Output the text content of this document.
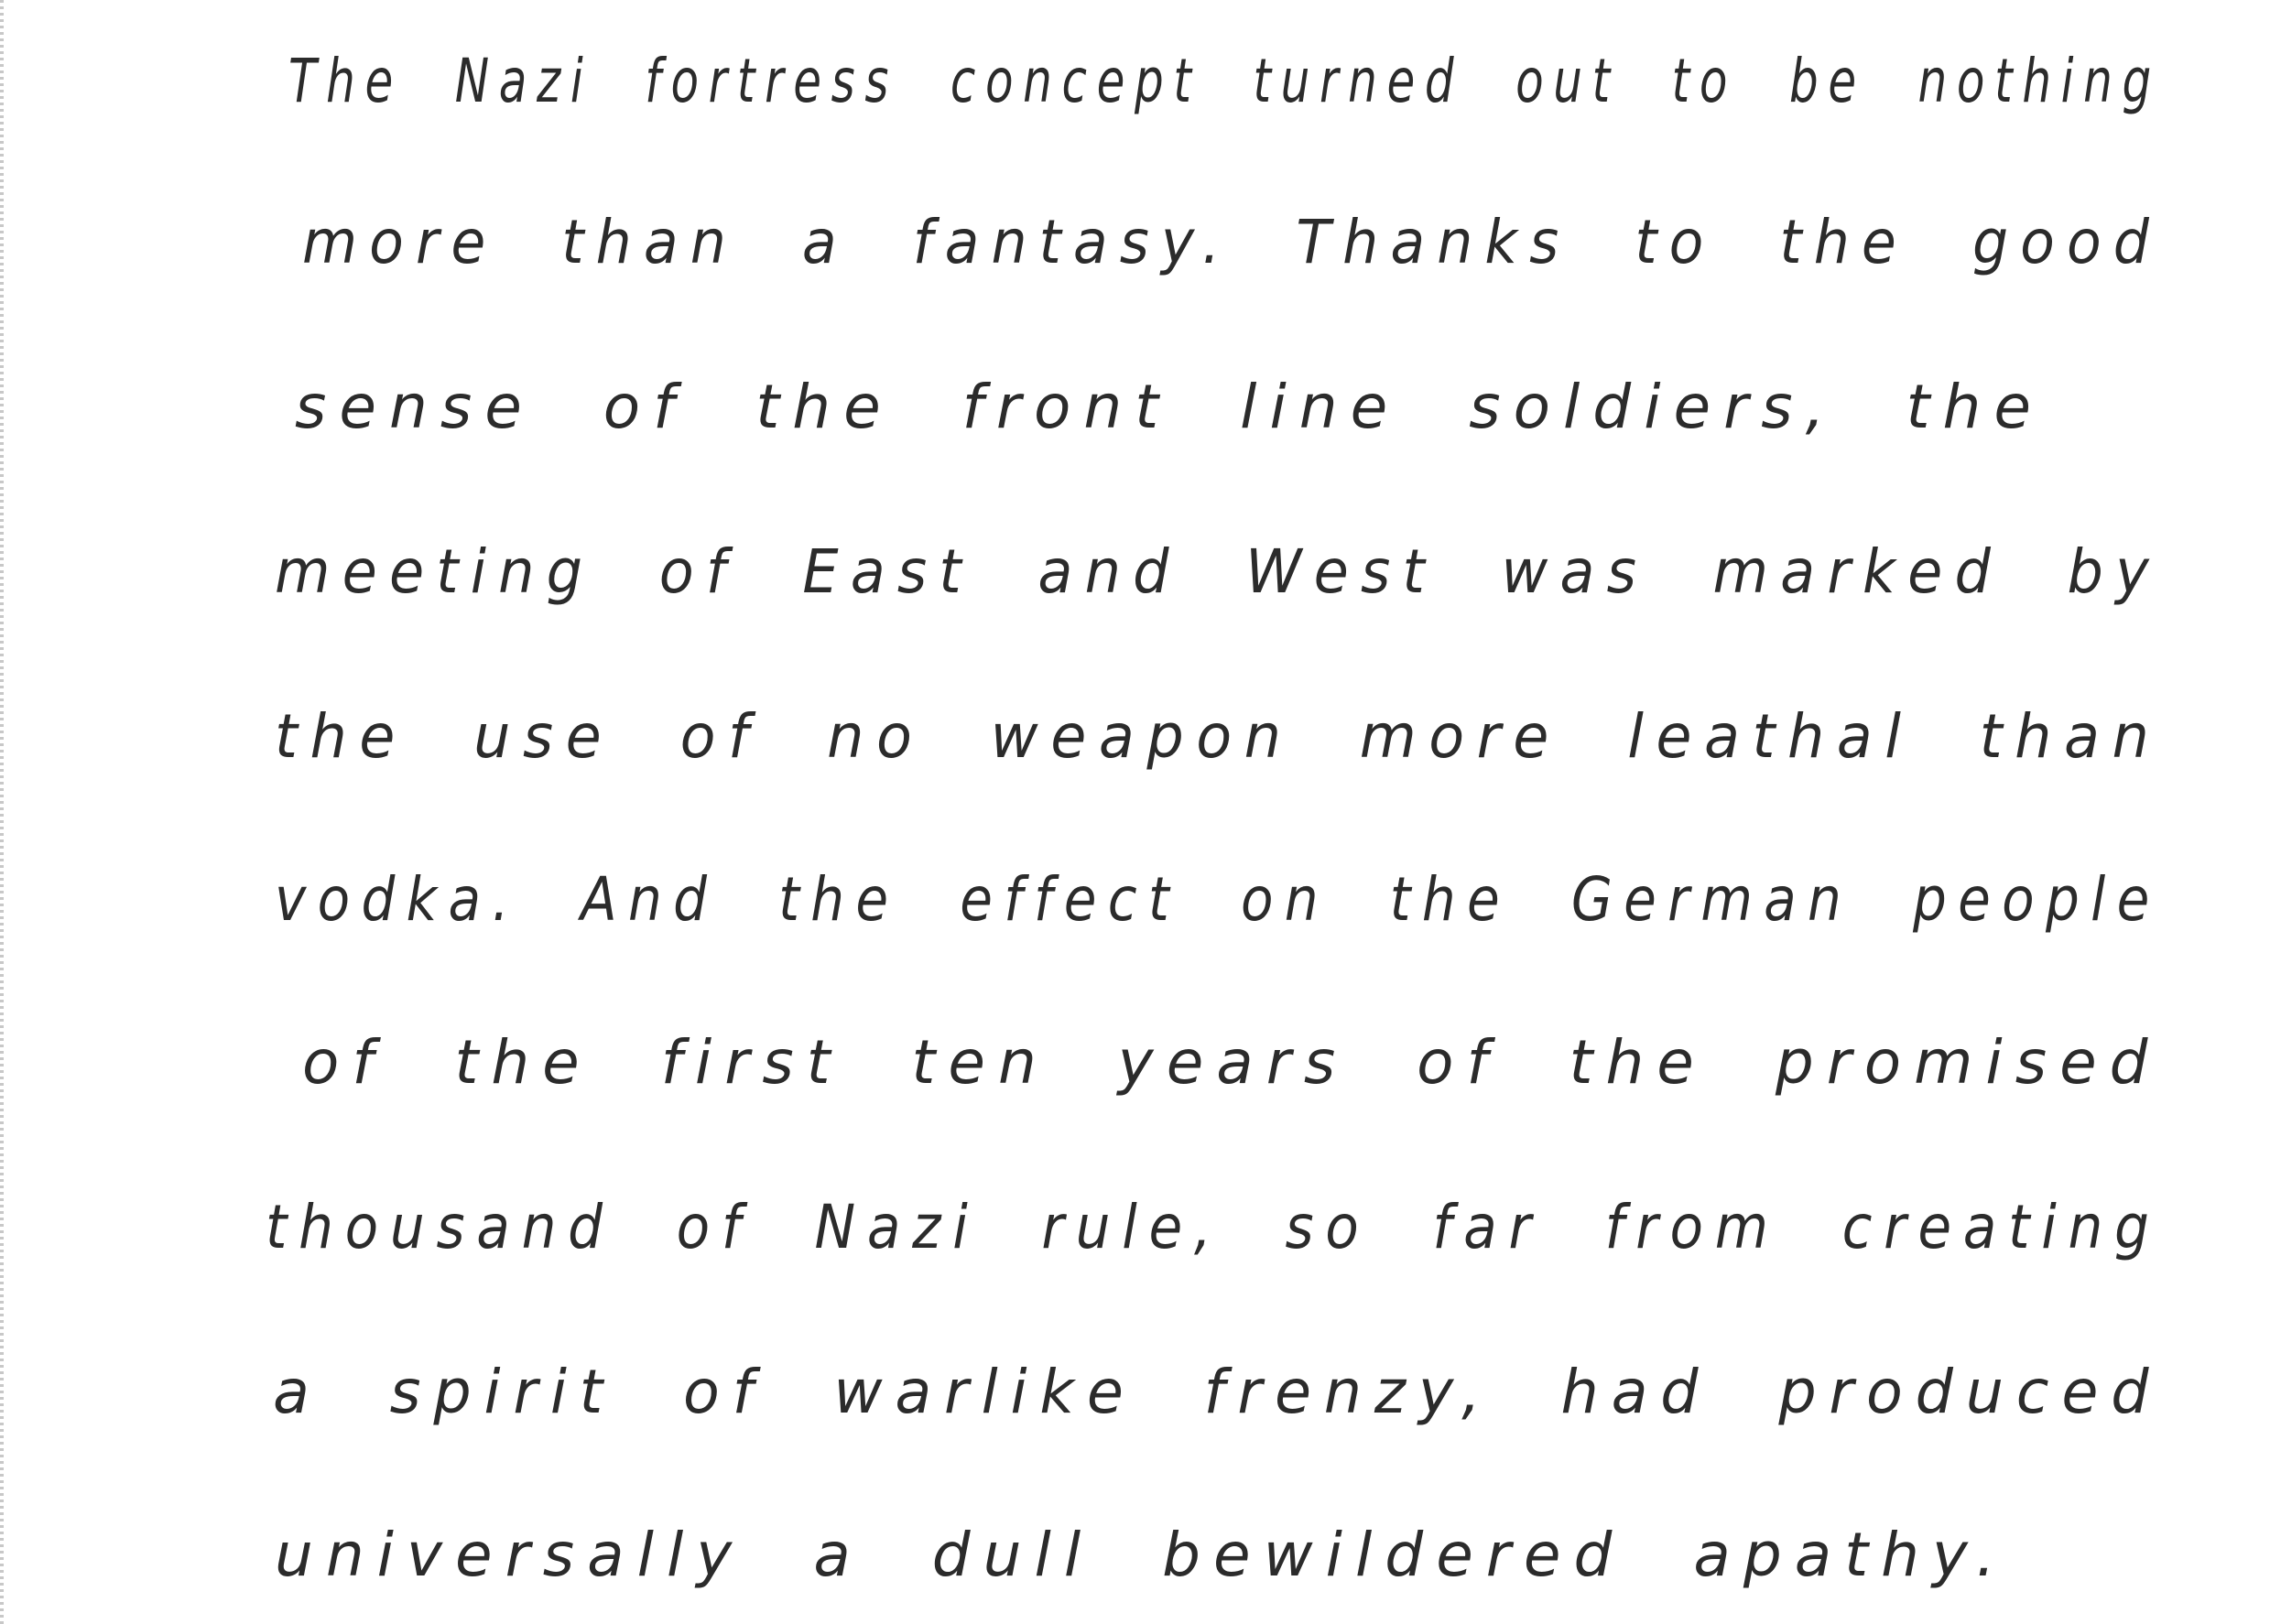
The Nazi fortress concept turned out to be nothing

more than a fantasy. Thanks to the good

sense of the front line soldiers, the

meeting of East and West was marked by

the use of no weapon more leathal than

vodka. And the effect on the German people

of the first ten years of the promised

thousand of Nazi rule, so far from creating

a spirit of warlike frenzy, had produced

universally a dull bewildered apathy.
